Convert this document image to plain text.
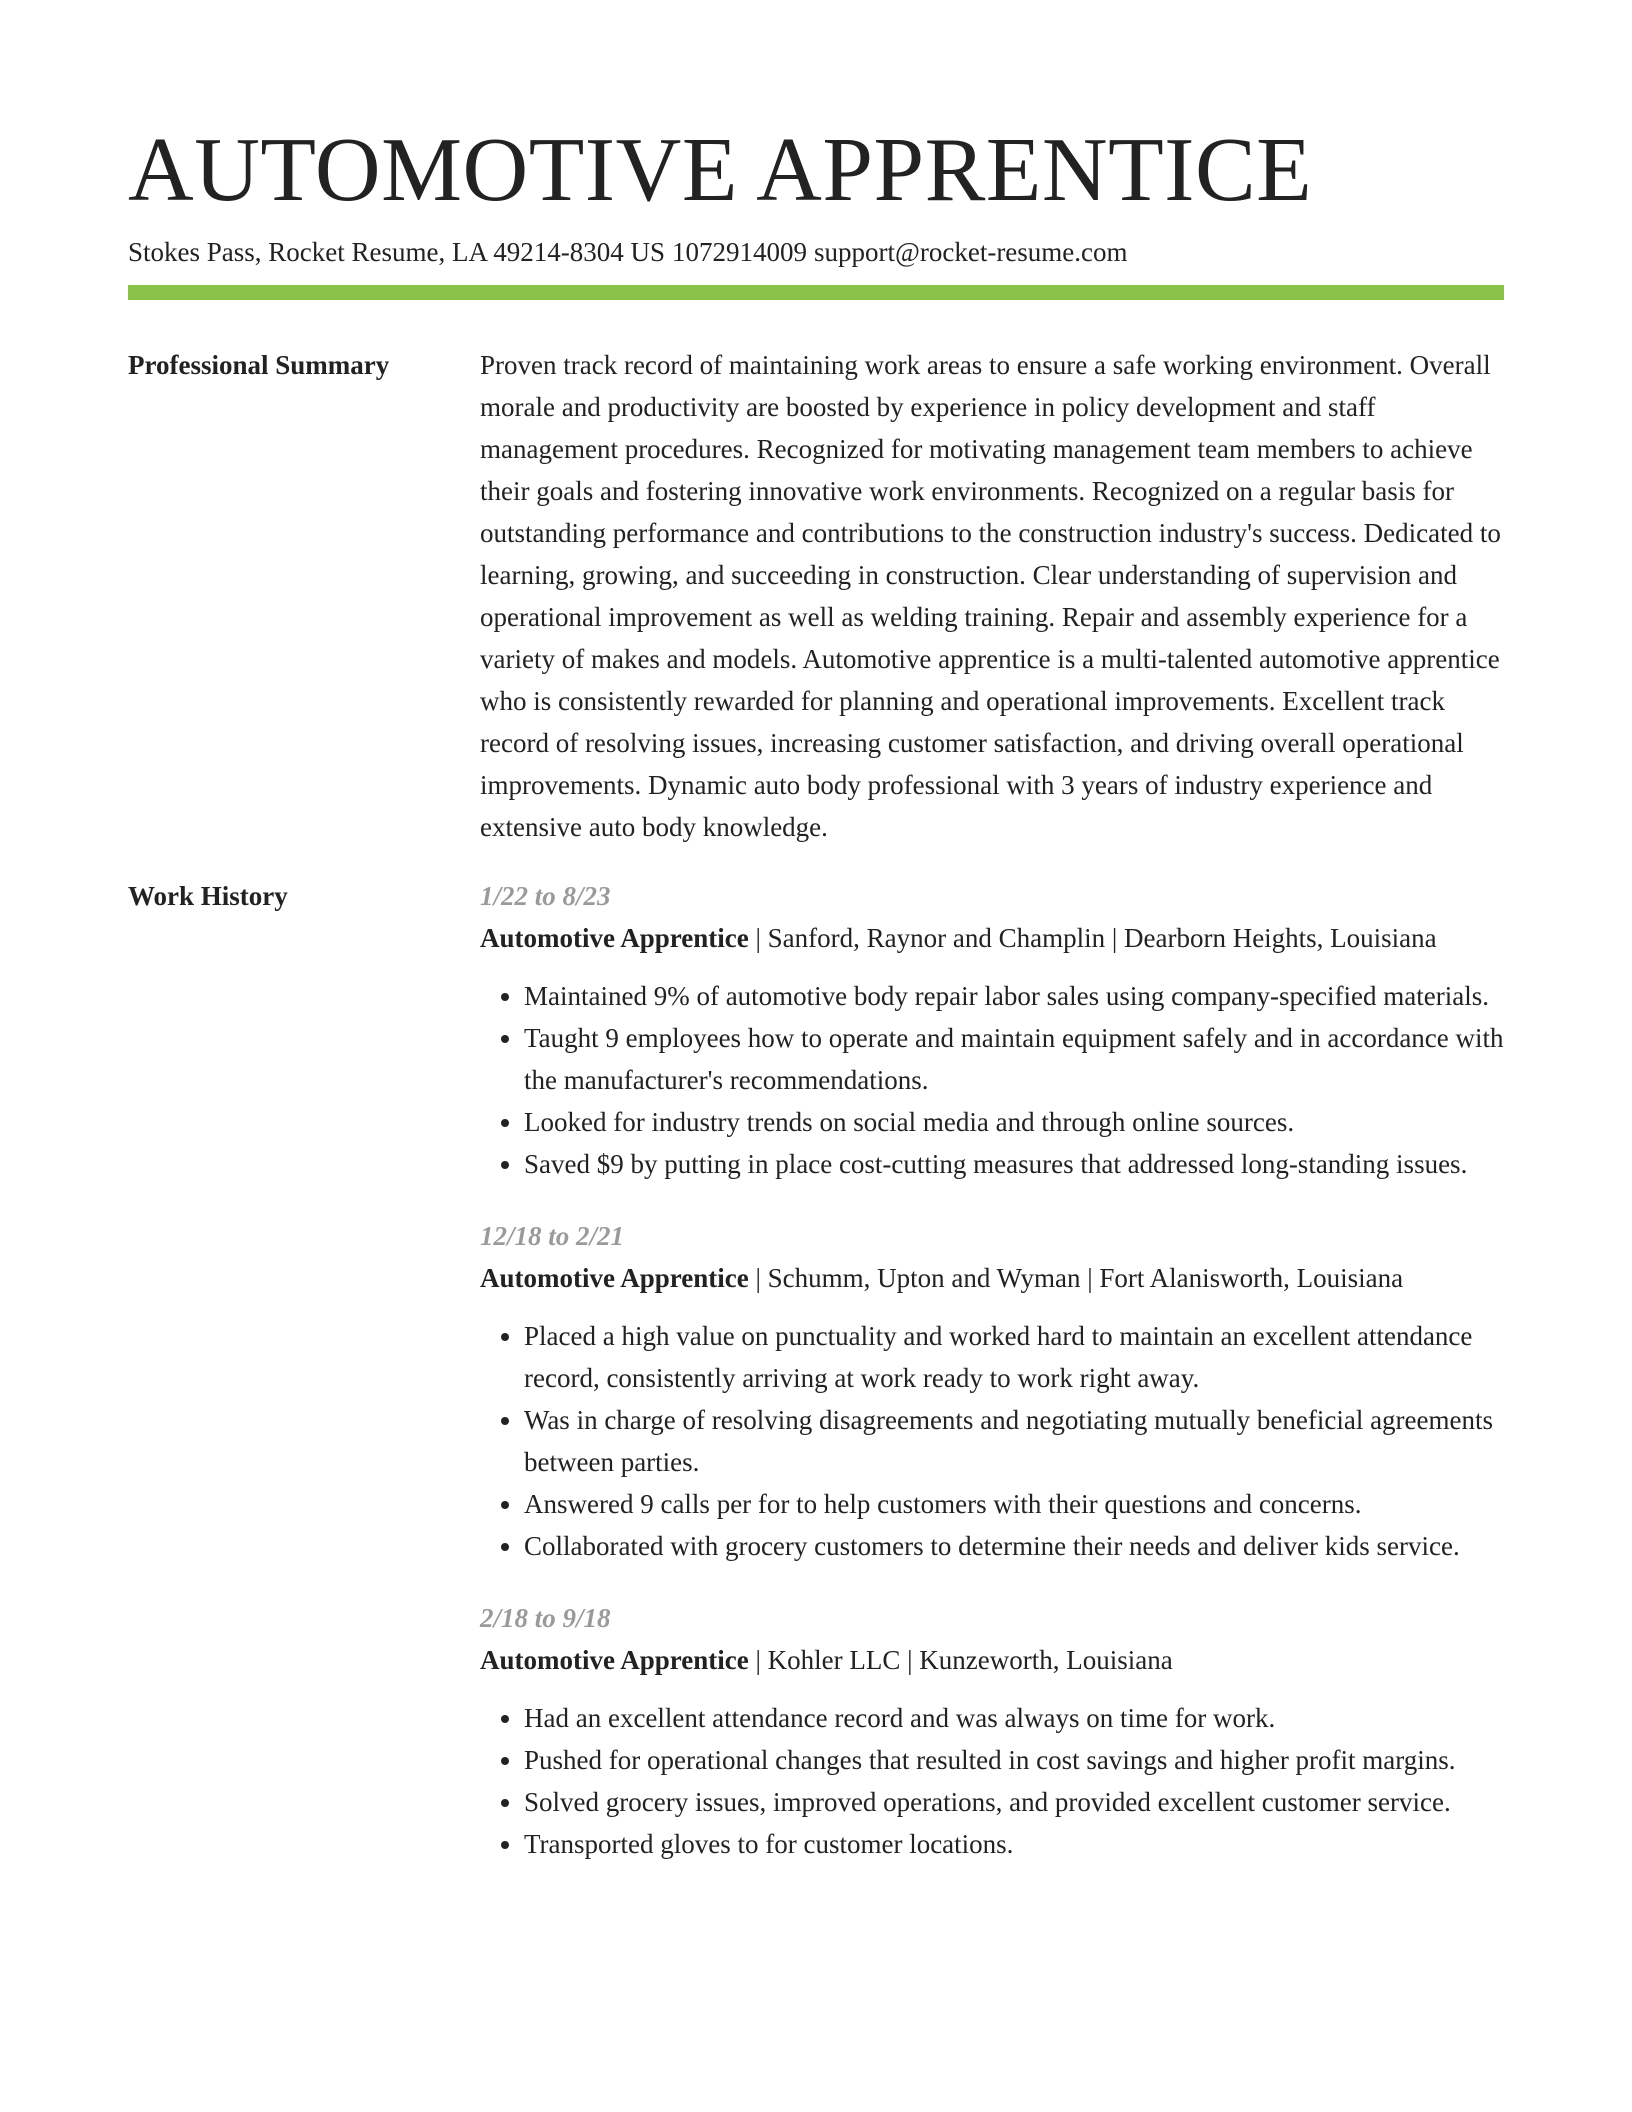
AUTOMOTIVE APPRENTICE
Stokes Pass, Rocket Resume, LA 49214-8304 US 1072914009 support@rocket-resume.com
Professional Summary	Proven track record of maintaining work areas to ensure a safe working environment. Overall morale and productivity are boosted by experience in policy development and staff management procedures. Recognized for motivating management team members to achieve their goals and fostering innovative work environments. Recognized on a regular basis for outstanding performance and contributions to the construction industry's success. Dedicated to learning, growing, and succeeding in construction. Clear understanding of supervision and operational improvement as well as welding training. Repair and assembly experience for a variety of makes and models. Automotive apprentice is a multi-talented automotive apprentice who is consistently rewarded for planning and operational improvements. Excellent track record of resolving issues, increasing customer satisfaction, and driving overall operational improvements. Dynamic auto body professional with 3 years of industry experience and extensive auto body knowledge.
Work History	1/22 to 8/23
Automotive Apprentice | Sanford, Raynor and Champlin | Dearborn Heights, Louisiana
• Maintained 9% of automotive body repair labor sales using company-specified materials.
• Taught 9 employees how to operate and maintain equipment safely and in accordance with the manufacturer's recommendations.
• Looked for industry trends on social media and through online sources.
• Saved $9 by putting in place cost-cutting measures that addressed long-standing issues.
12/18 to 2/21
Automotive Apprentice | Schumm, Upton and Wyman | Fort Alanisworth, Louisiana
• Placed a high value on punctuality and worked hard to maintain an excellent attendance record, consistently arriving at work ready to work right away.
• Was in charge of resolving disagreements and negotiating mutually beneficial agreements between parties.
• Answered 9 calls per for to help customers with their questions and concerns.
• Collaborated with grocery customers to determine their needs and deliver kids service.
2/18 to 9/18
Automotive Apprentice | Kohler LLC | Kunzeworth, Louisiana
• Had an excellent attendance record and was always on time for work.
• Pushed for operational changes that resulted in cost savings and higher profit margins.
• Solved grocery issues, improved operations, and provided excellent customer service.
• Transported gloves to for customer locations.
